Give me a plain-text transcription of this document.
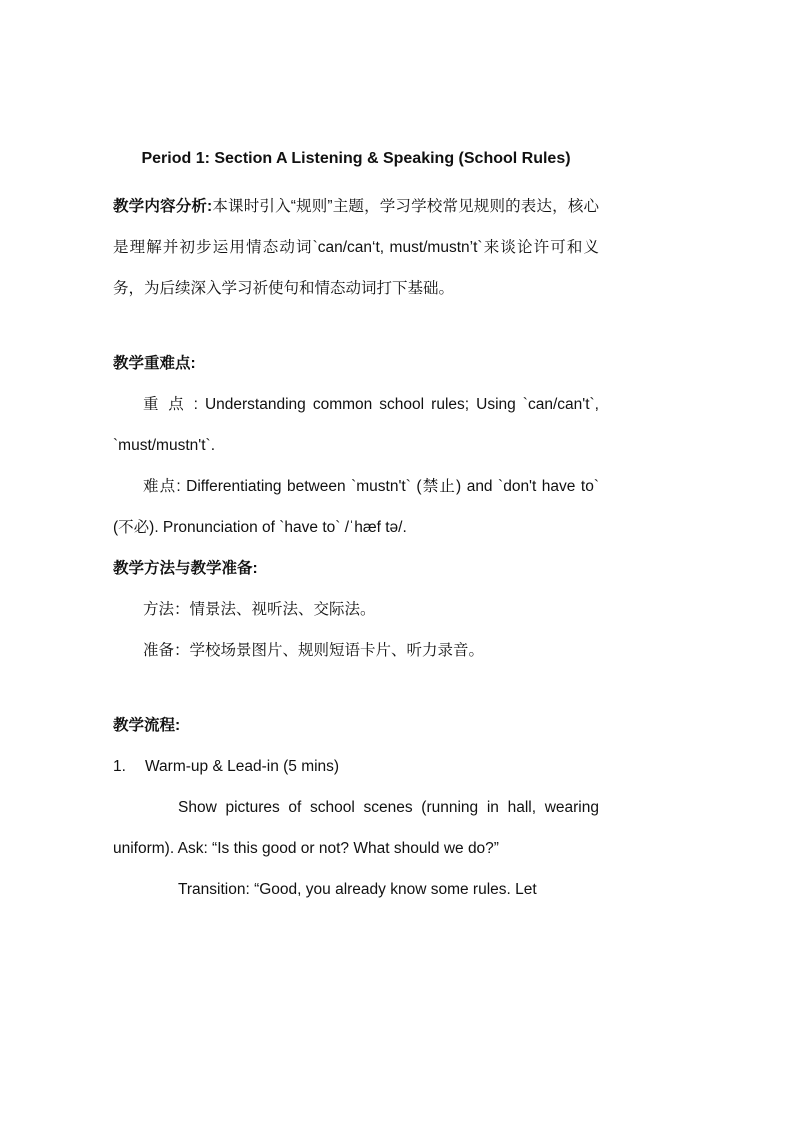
Period 1: Section A Listening & Speaking (School Rules)

教学内容分析:本课时引入“规则”主题，学习学校常见规则的表达，核心是理解并初步运用情态动词`can/can‘t, must/mustn’t`来谈论许可和义务，为后续深入学习祈使句和情态动词打下基础。

教学重难点:

重 点 : Understanding common school rules; Using `can/can't`, `must/mustn't`.

难点: Differentiating between `mustn't` (禁止) and `don't have to` (不必). Pronunciation of `have to` /ˈhæf tə/.

教学方法与教学准备:

方法：情景法、视听法、交际法。

准备：学校场景图片、规则短语卡片、听力录音。

教学流程:

1.	Warm-up & Lead-in (5 mins)

Show pictures of school scenes (running in hall, wearing uniform). Ask: “Is this good or not? What should we do?”

Transition: “Good, you already know some rules. Let
